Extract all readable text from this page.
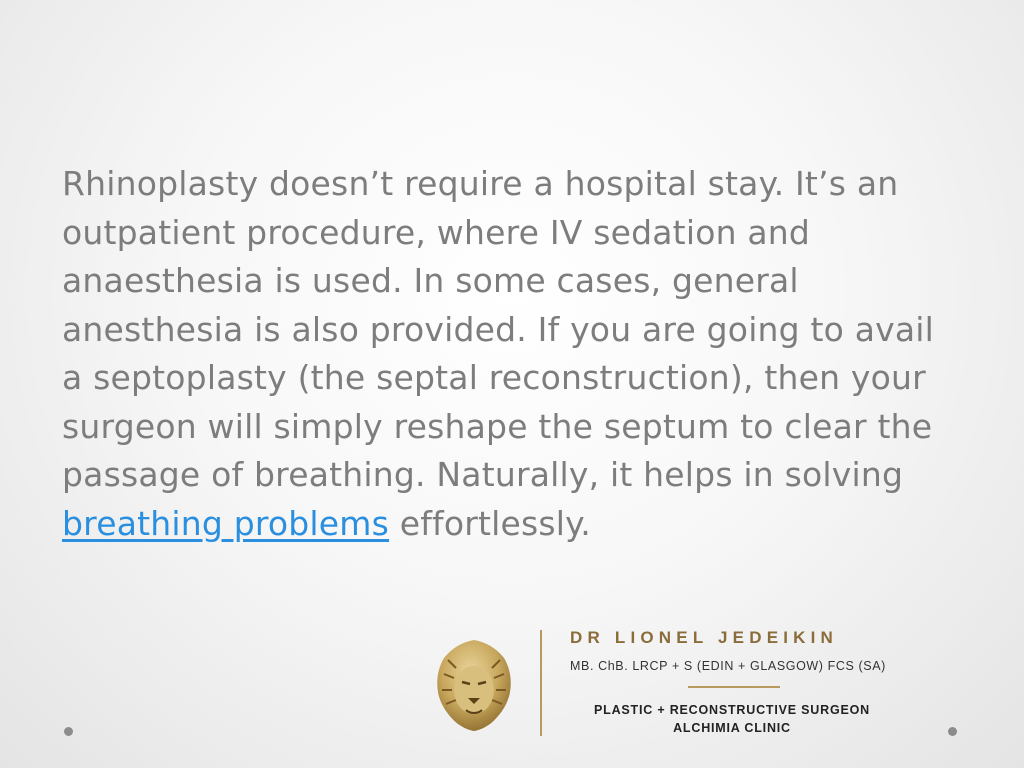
Rhinoplasty doesn’t require a hospital stay. It’s an outpatient procedure, where IV sedation and anaesthesia is used. In some cases, general anesthesia is also provided. If you are going to avail a septoplasty (the septal reconstruction), then your surgeon will simply reshape the septum to clear the passage of breathing. Naturally, it helps in solving breathing problems effortlessly.

DR LIONEL JEDEIKIN
MB. ChB. LRCP + S (EDIN + GLASGOW) FCS (SA)
PLASTIC + RECONSTRUCTIVE SURGEON
ALCHIMIA CLINIC
